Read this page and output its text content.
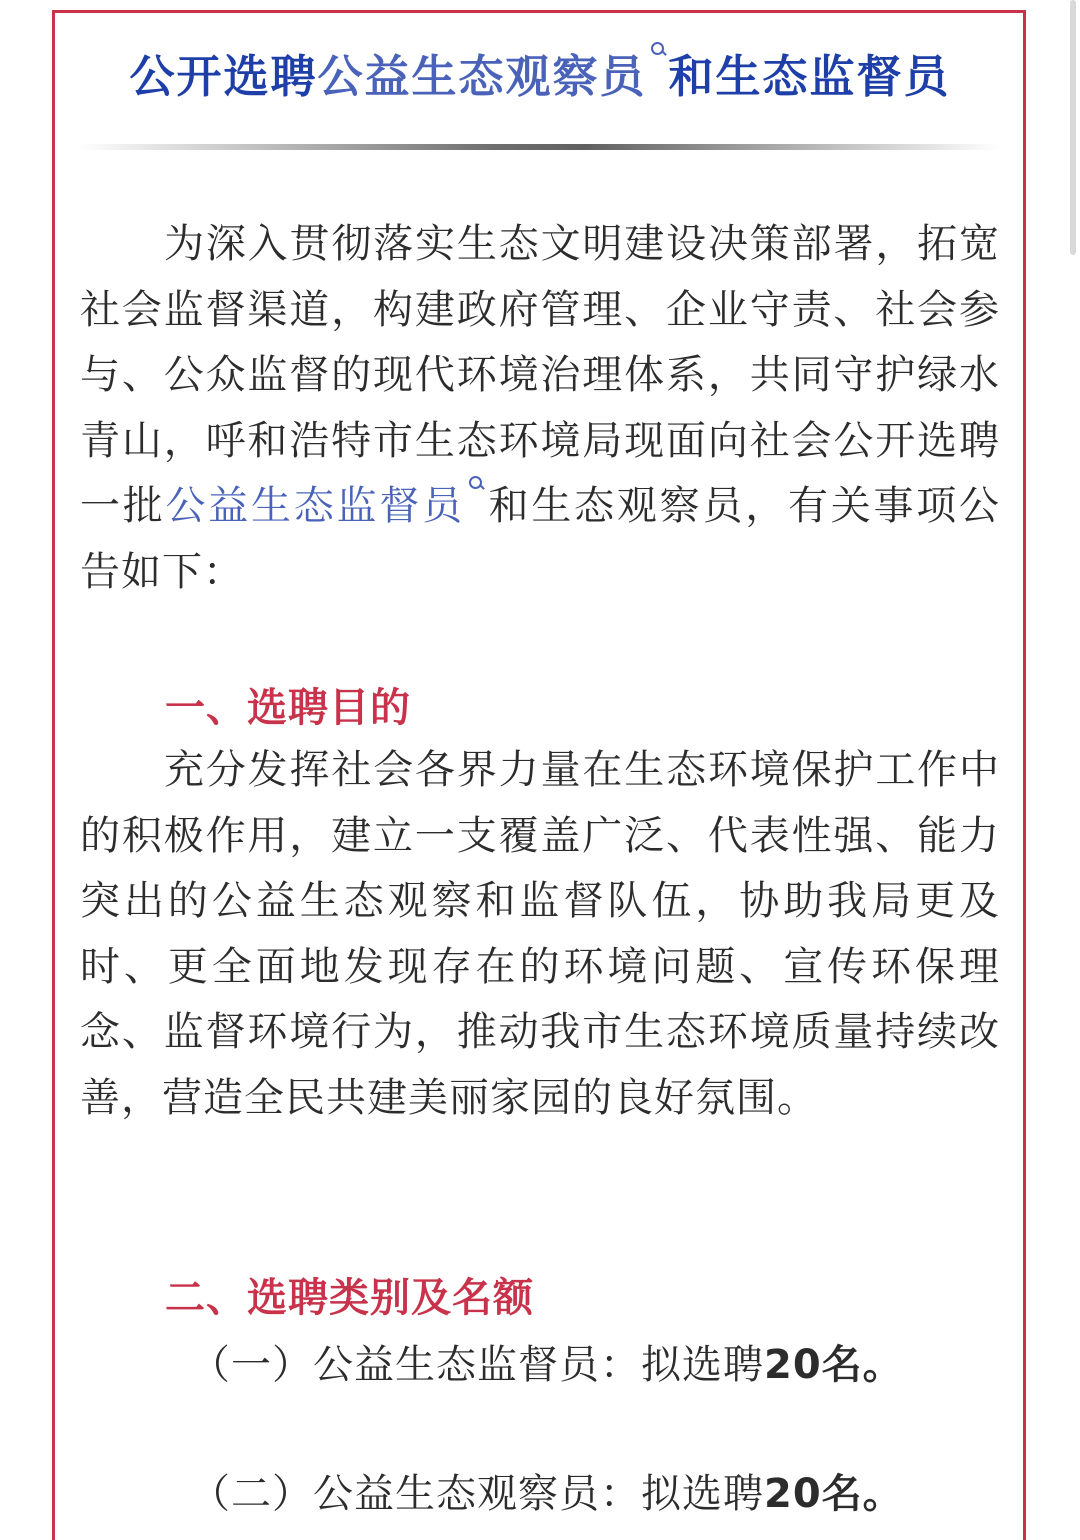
公开选聘公益生态观察员 和生态监督员
为深入贯彻落实生态文明建设决策部署，拓宽社会监督渠道，构建政府管理、企业守责、社会参与、公众监督的现代环境治理体系，共同守护绿水青山，呼和浩特市生态环境局现面向社会公开选聘一批公益生态监督员 和生态观察员，有关事项公告如下：
一、选聘目的
充分发挥社会各界力量在生态环境保护工作中的积极作用，建立一支覆盖广泛、代表性强、能力突出的公益生态观察和监督队伍，协助我局更及时、更全面地发现存在的环境问题、宣传环保理念、监督环境行为，推动我市生态环境质量持续改善，营造全民共建美丽家园的良好氛围。
二、选聘类别及名额
（一）公益生态监督员：拟选聘20名。
（二）公益生态观察员：拟选聘20名。
